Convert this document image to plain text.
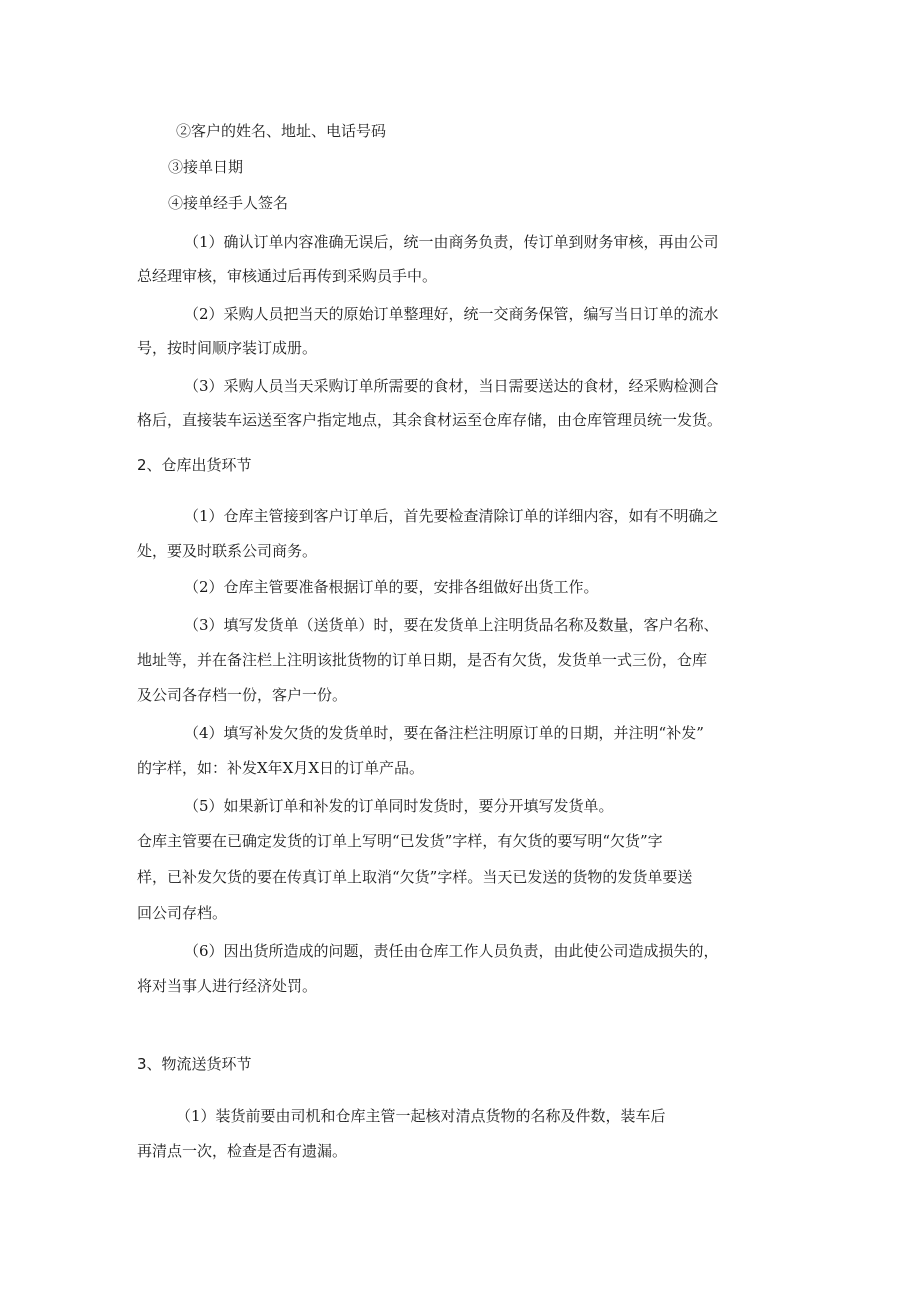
②客户的姓名、地址、电话号码

③接单日期

④接单经手人签名

（1）确认订单内容准确无误后，统一由商务负责，传订单到财务审核，再由公司

总经理审核，审核通过后再传到采购员手中。

（2）采购人员把当天的原始订单整理好，统一交商务保管，编写当日订单的流水

号，按时间顺序装订成册。

（3）采购人员当天采购订单所需要的食材，当日需要送达的食材，经采购检测合

格后，直接装车运送至客户指定地点，其余食材运至仓库存储，由仓库管理员统一发货。

2、仓库出货环节

（1）仓库主管接到客户订单后，首先要检查清除订单的详细内容，如有不明确之

处，要及时联系公司商务。

（2）仓库主管要准备根据订单的要，安排各组做好出货工作。

（3）填写发货单（送货单）时，要在发货单上注明货品名称及数量，客户名称、

地址等，并在备注栏上注明该批货物的订单日期，是否有欠货，发货单一式三份，仓库

及公司各存档一份，客户一份。

（4）填写补发欠货的发货单时，要在备注栏注明原订单的日期，并注明“补发”

的字样，如：补发X年X月X日的订单产品。

（5）如果新订单和补发的订单同时发货时，要分开填写发货单。

仓库主管要在已确定发货的订单上写明“已发货”字样，有欠货的要写明“欠货”字

样，已补发欠货的要在传真订单上取消“欠货”字样。当天已发送的货物的发货单要送

回公司存档。

（6）因出货所造成的问题，责任由仓库工作人员负责，由此使公司造成损失的，

将对当事人进行经济处罚。

3、物流送货环节

（1）装货前要由司机和仓库主管一起核对清点货物的名称及件数，装车后

再清点一次，检查是否有遗漏。
